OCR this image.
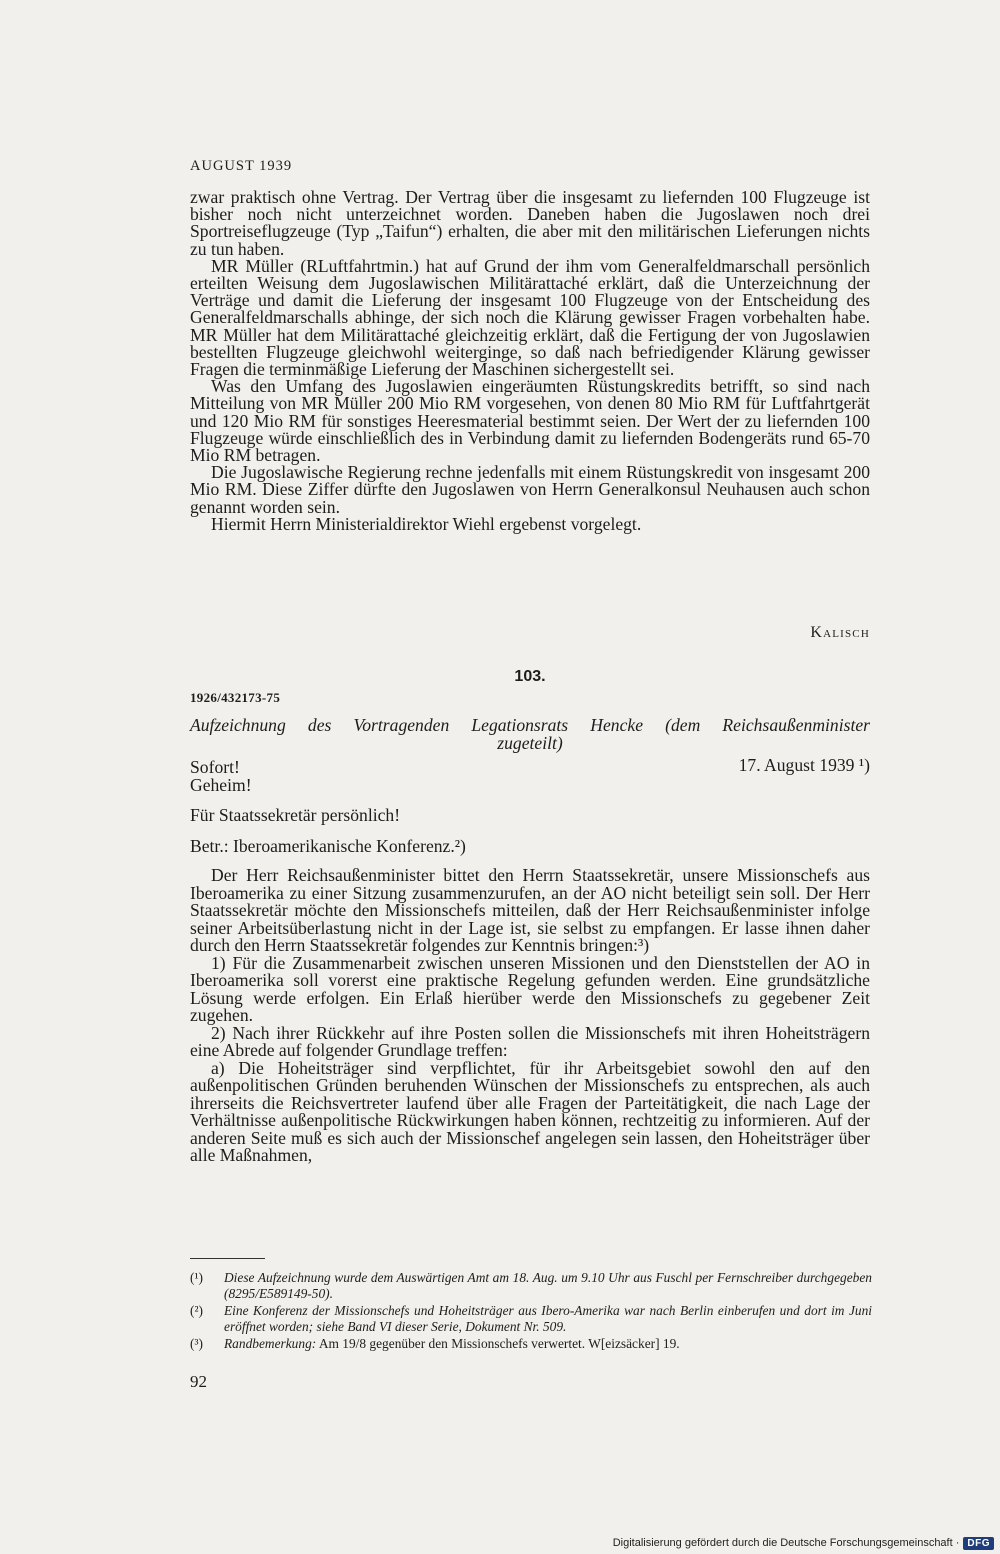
AUGUST 1939

zwar praktisch ohne Vertrag. Der Vertrag über die insgesamt zu liefernden 100 Flugzeuge ist bisher noch nicht unterzeichnet worden. Daneben haben die Jugoslawen noch drei Sportreiseflugzeuge (Typ „Taifun“) erhalten, die aber mit den militärischen Lieferungen nichts zu tun haben.

MR Müller (RLuftfahrtmin.) hat auf Grund der ihm vom Generalfeldmarschall persönlich erteilten Weisung dem Jugoslawischen Militärattaché erklärt, daß die Unterzeichnung der Verträge und damit die Lieferung der insgesamt 100 Flugzeuge von der Entscheidung des Generalfeldmarschalls abhinge, der sich noch die Klärung gewisser Fragen vorbehalten habe. MR Müller hat dem Militärattaché gleichzeitig erklärt, daß die Fertigung der von Jugoslawien bestellten Flugzeuge gleichwohl weiterginge, so daß nach befriedigender Klärung gewisser Fragen die terminmäßige Lieferung der Maschinen sichergestellt sei.

Was den Umfang des Jugoslawien eingeräumten Rüstungskredits betrifft, so sind nach Mitteilung von MR Müller 200 Mio RM vorgesehen, von denen 80 Mio RM für Luftfahrtgerät und 120 Mio RM für sonstiges Heeresmaterial bestimmt seien. Der Wert der zu liefernden 100 Flugzeuge würde einschließlich des in Verbindung damit zu liefernden Bodengeräts rund 65-70 Mio RM betragen.

Die Jugoslawische Regierung rechne jedenfalls mit einem Rüstungskredit von insgesamt 200 Mio RM. Diese Ziffer dürfte den Jugoslawen von Herrn Generalkonsul Neuhausen auch schon genannt worden sein.

Hiermit Herrn Ministerialdirektor Wiehl ergebenst vorgelegt.

Kalisch
103.
1926/432173-75
Aufzeichnung des Vortragenden Legationsrats Hencke (dem Reichsaußenminister
zugeteilt)
Sofort!	17. August 1939 ¹)
Geheim!
Für Staatssekretär persönlich!
Betr.: Iberoamerikanische Konferenz.²)

Der Herr Reichsaußenminister bittet den Herrn Staatssekretär, unsere Missionschefs aus Iberoamerika zu einer Sitzung zusammenzurufen, an der AO nicht beteiligt sein soll. Der Herr Staatssekretär möchte den Missionschefs mitteilen, daß der Herr Reichsaußenminister infolge seiner Arbeitsüberlastung nicht in der Lage ist, sie selbst zu empfangen. Er lasse ihnen daher durch den Herrn Staatssekretär folgendes zur Kenntnis bringen:³)

1) Für die Zusammenarbeit zwischen unseren Missionen und den Dienststellen der AO in Iberoamerika soll vorerst eine praktische Regelung gefunden werden. Eine grundsätzliche Lösung werde erfolgen. Ein Erlaß hierüber werde den Missionschefs zu gegebener Zeit zugehen.

2) Nach ihrer Rückkehr auf ihre Posten sollen die Missionschefs mit ihren Hoheitsträgern eine Abrede auf folgender Grundlage treffen:

a) Die Hoheitsträger sind verpflichtet, für ihr Arbeitsgebiet sowohl den auf den außenpolitischen Gründen beruhenden Wünschen der Missionschefs zu entsprechen, als auch ihrerseits die Reichsvertreter laufend über alle Fragen der Parteitätigkeit, die nach Lage der Verhältnisse außenpolitische Rückwirkungen haben können, rechtzeitig zu informieren. Auf der anderen Seite muß es sich auch der Missionschef angelegen sein lassen, den Hoheitsträger über alle Maßnahmen,

(¹) Diese Aufzeichnung wurde dem Auswärtigen Amt am 18. Aug. um 9.10 Uhr aus Fuschl per Fernschreiber durchgegeben (8295/E589149-50).
(²) Eine Konferenz der Missionschefs und Hoheitsträger aus Ibero-Amerika war nach Berlin einberufen und dort im Juni eröffnet worden; siehe Band VI dieser Serie, Dokument Nr. 509.
(³) Randbemerkung: Am 19/8 gegenüber den Missionschefs verwertet. W[eizsäcker] 19.
92
Digitalisierung gefördert durch die Deutsche Forschungsgemeinschaft · DFG
